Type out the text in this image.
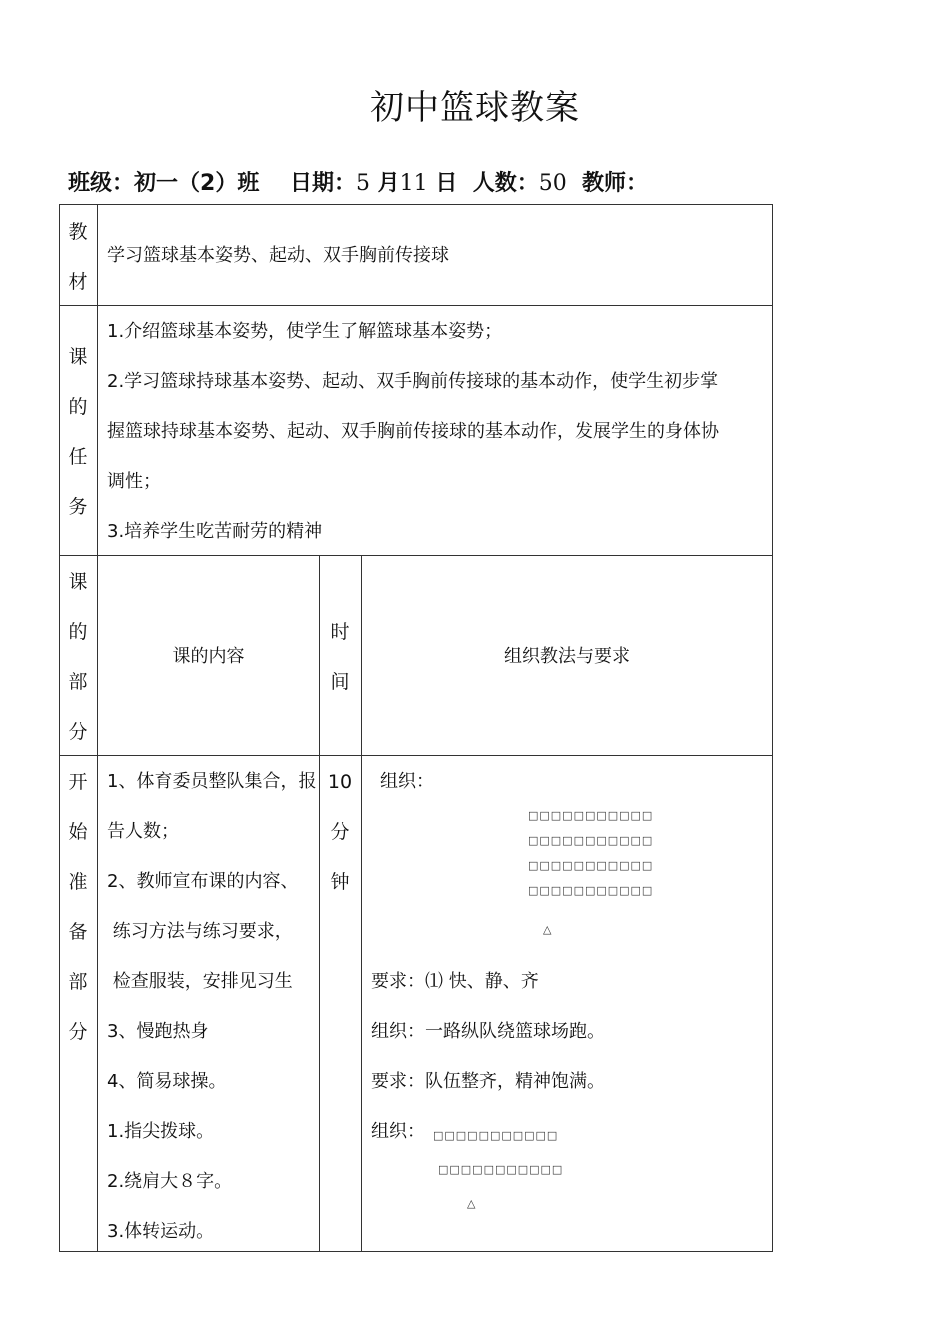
初中篮球教案
班级：初一（2）班 日期：5 月11 日 人数：50 教师：
教
材
学习篮球基本姿势、起动、双手胸前传接球
课
的
任
务
1.介绍篮球基本姿势，使学生了解篮球基本姿势；
2.学习篮球持球基本姿势、起动、双手胸前传接球的基本动作，使学生初步掌
握篮球持球基本姿势、起动、双手胸前传接球的基本动作，发展学生的身体协
调性；
3.培养学生吃苦耐劳的精神
课
的
部
分
课的内容
时
间
组织教法与要求
开
始
准
备
部
分
1、体育委员整队集合，报
告人数；
2、教师宣布课的内容、
练习方法与练习要求，
检查服装，安排见习生
3、慢跑热身
4、简易球操。
1.指尖拨球。
2.绕肩大８字。
3.体转运动。
10
分
钟
组织：
□□□□□□□□□□□
□□□□□□□□□□□
□□□□□□□□□□□
□□□□□□□□□□□
△
要求：⑴ 快、静、齐
组织：一路纵队绕篮球场跑。
要求：队伍整齐，精神饱满。
组织： □□□□□□□□□□□
□□□□□□□□□□□
△
